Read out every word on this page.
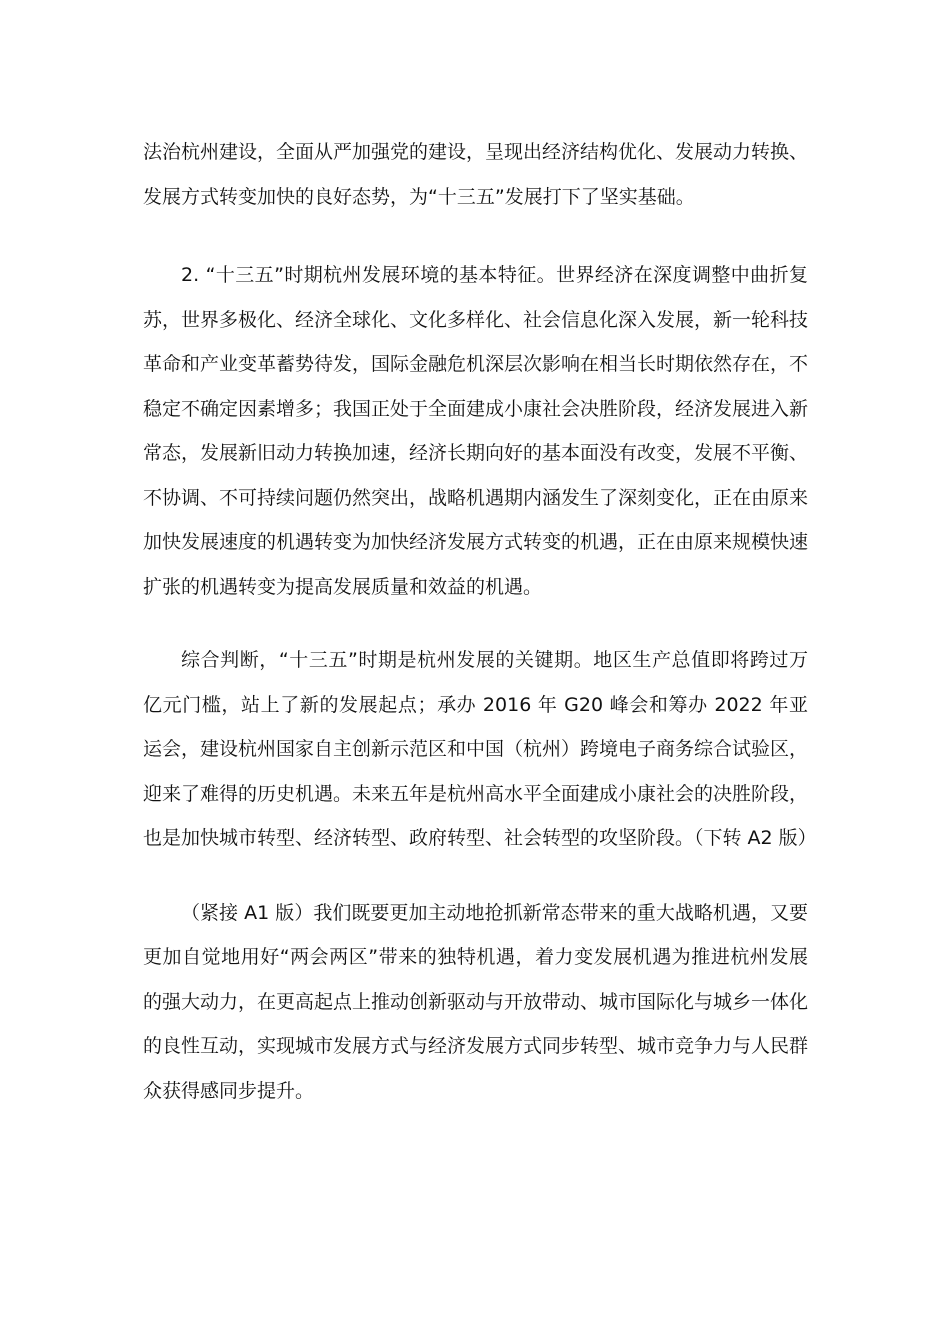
法治杭州建设，全面从严加强党的建设，呈现出经济结构优化、发展动力转换、发展方式转变加快的良好态势，为“十三五”发展打下了坚实基础。

2. “十三五”时期杭州发展环境的基本特征。世界经济在深度调整中曲折复苏，世界多极化、经济全球化、文化多样化、社会信息化深入发展，新一轮科技革命和产业变革蓄势待发，国际金融危机深层次影响在相当长时期依然存在，不稳定不确定因素增多；我国正处于全面建成小康社会决胜阶段，经济发展进入新常态，发展新旧动力转换加速，经济长期向好的基本面没有改变，发展不平衡、不协调、不可持续问题仍然突出，战略机遇期内涵发生了深刻变化，正在由原来加快发展速度的机遇转变为加快经济发展方式转变的机遇，正在由原来规模快速扩张的机遇转变为提高发展质量和效益的机遇。

综合判断，“十三五”时期是杭州发展的关键期。地区生产总值即将跨过万亿元门槛，站上了新的发展起点；承办 2016 年 G20 峰会和筹办 2022 年亚运会，建设杭州国家自主创新示范区和中国（杭州）跨境电子商务综合试验区，迎来了难得的历史机遇。未来五年是杭州高水平全面建成小康社会的决胜阶段，也是加快城市转型、经济转型、政府转型、社会转型的攻坚阶段。（下转 A2 版）

（紧接 A1 版）我们既要更加主动地抢抓新常态带来的重大战略机遇，又要更加自觉地用好“两会两区”带来的独特机遇，着力变发展机遇为推进杭州发展的强大动力，在更高起点上推动创新驱动与开放带动、城市国际化与城乡一体化的良性互动，实现城市发展方式与经济发展方式同步转型、城市竞争力与人民群众获得感同步提升。
